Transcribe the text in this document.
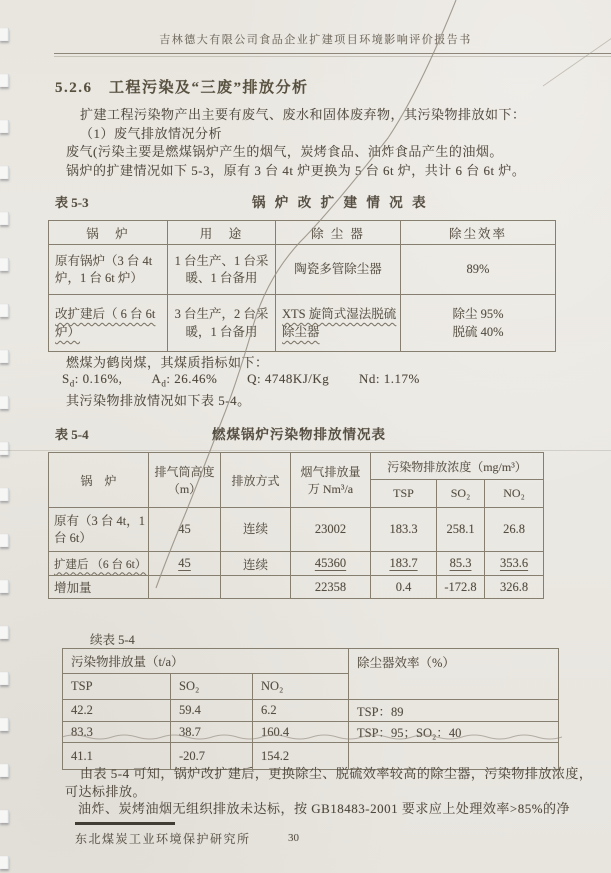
吉林德大有限公司食品企业扩建项目环境影响评价报告书
5.2.6　工程污染及“三废”排放分析
扩建工程污染物产出主要有废气、废水和固体废弃物，其污染物排放如下：
（1）废气排放情况分析
废气(污染主要是燃煤锅炉产生的烟气，炭烤食品、油炸食品产生的油烟。
锅炉的扩建情况如下 5-3，原有 3 台 4t 炉更换为 5 台 6t 炉，共计 6 台 6t 炉。
表 5-3	锅 炉 改 扩 建 情 况 表
锅　炉	用　途	除 尘 器	除尘效率
原有锅炉（3 台 4t 炉，1 台 6t 炉）	1 台生产、1 台采暖、1 台备用	陶瓷多管除尘器	89%
改扩建后（ 6 台 6t 炉）	3 台生产，2 台采暖，1 台备用	XTS 旋筒式湿法脱硫除尘器	除尘 95%
脱硫 40%
燃煤为鹤岗煤，其煤质指标如下：
$S_d$: 0.16%, $A_d$: 26.46% Q: 4748KJ/Kg Nd: 1.17%
其污染物排放情况如下表 5-4。
表 5-4	燃煤锅炉污染物排放情况表
锅　炉	排气筒高度
（m）	排放方式	烟气排放量
万 Nm³/a	污染物排放浓度（mg/m³）		
				TSP	SO₂	NO₂
原有（3 台 4t，1 台 6t）	45	连续	23002	183.3	258.1	26.8
扩建后 （6 台 6t）	45	连续	45360	183.7	85.3	353.6
增加量			22358	0.4	-172.8	326.8
续表 5-4
污染物排放量（t/a）			除尘器效率（%）
TSP	SO₂	NO₂	
42.2	59.4	6.2	TSP：89
83.3	38.7	160.4	TSP：95；SO₂：40
41.1	-20.7	154.2	
由表 5-4 可知，锅炉改扩建后，更换除尘、脱硫效率较高的除尘器，污染物排放浓度，
可达标排放。
油炸、炭烤油烟无组织排放未达标，按 GB18483-2001 要求应上处理效率>85%的净
东北煤炭工业环境保护研究所	30
